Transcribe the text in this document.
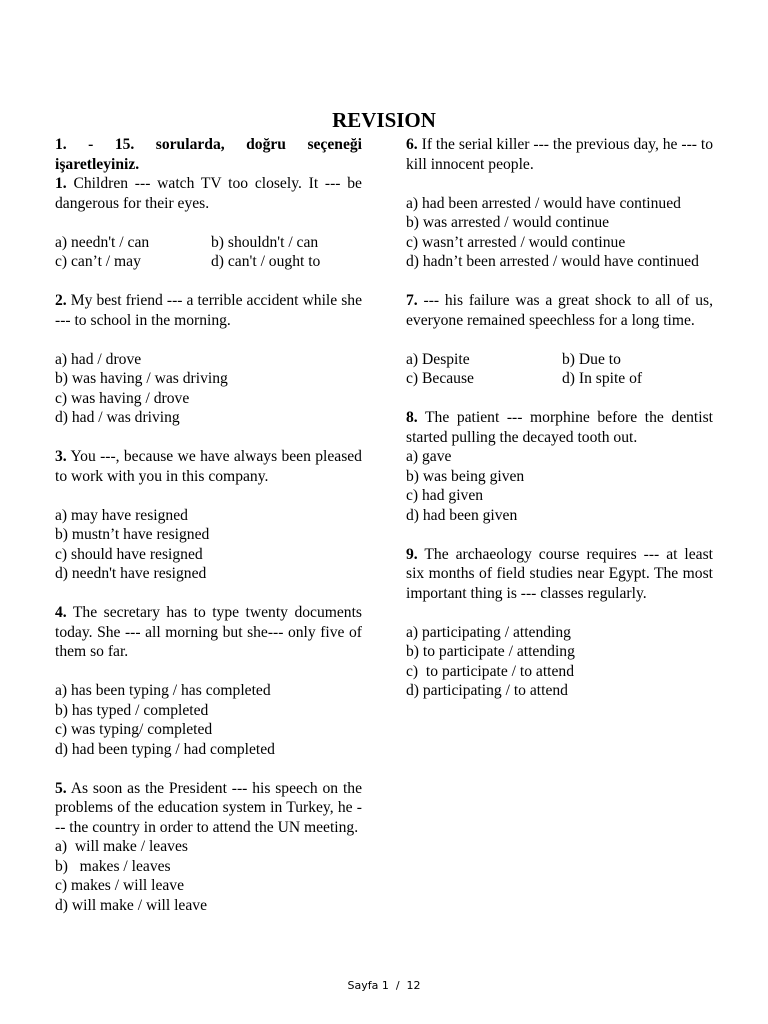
REVISION
1. - 15. sorularda, doğru seçeneği işaretleyiniz.
1. Children --- watch TV too closely. It --- be dangerous for their eyes.
a) needn't / can	b) shouldn't / can
c) can’t / may	d) can't / ought to
2. My best friend --- a terrible accident while she --- to school in the morning.
a) had / drove
b) was having / was driving
c) was having / drove
d) had / was driving
3. You ---, because we have always been pleased to work with you in this company.
a) may have resigned
b) mustn’t have resigned
c) should have resigned
d) needn't have resigned
4. The secretary has to type twenty documents today. She --- all morning but she--- only five of them so far.
a) has been typing / has completed
b) has typed / completed
c) was typing/ completed
d) had been typing / had completed
5. As soon as the President --- his speech on the problems of the education system in Turkey, he --- the country in order to attend the UN meeting.
a)  will make / leaves
b)   makes / leaves
c) makes / will leave
d) will make / will leave
6. If the serial killer --- the previous day, he --- to kill innocent people.
a) had been arrested / would have continued
b) was arrested / would continue
c) wasn’t arrested / would continue
d) hadn’t been arrested / would have continued
7. --- his failure was a great shock to all of us, everyone remained speechless for a long time.
a) Despite	b) Due to
c) Because	d) In spite of
8. The patient --- morphine before the dentist started pulling the decayed tooth out.
a) gave
b) was being given
c) had given
d) had been given
9. The archaeology course requires --- at least six months of field studies near Egypt. The most important thing is --- classes regularly.
a) participating / attending
b) to participate / attending
c)  to participate / to attend
d) participating / to attend
Sayfa 1  /  12
